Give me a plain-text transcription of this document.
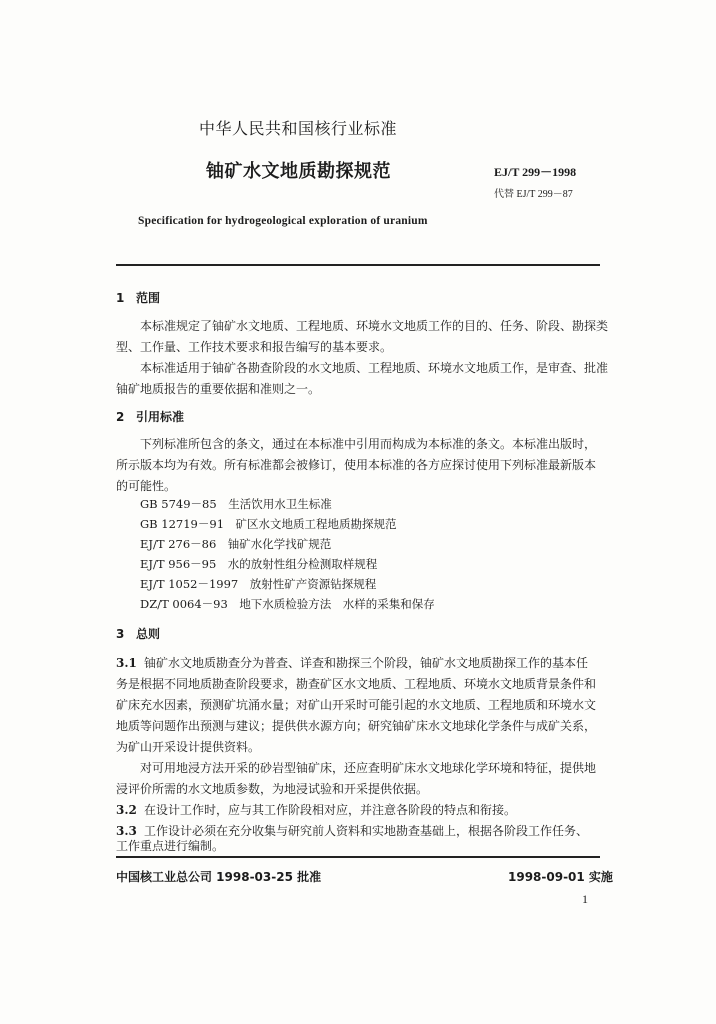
中华人民共和国核行业标准
铀矿水文地质勘探规范	EJ/T 299－1998
代替 EJ/T 299－87
Specification for hydrogeological exploration of uranium
1 范围
本标准规定了铀矿水文地质、工程地质、环境水文地质工作的目的、任务、阶段、勘探类
型、工作量、工作技术要求和报告编写的基本要求。
本标准适用于铀矿各勘查阶段的水文地质、工程地质、环境水文地质工作，是审查、批准
铀矿地质报告的重要依据和准则之一。
2 引用标准
下列标准所包含的条文，通过在本标准中引用而构成为本标准的条文。本标准出版时，
所示版本均为有效。所有标准都会被修订，使用本标准的各方应探讨使用下列标准最新版本
的可能性。
GB 5749－85　 生活饮用水卫生标准
GB 12719－91　 矿区水文地质工程地质勘探规范
EJ/T 276－86　 铀矿水化学找矿规范
EJ/T 956－95　 水的放射性组分检测取样规程
EJ/T 1052－1997　 放射性矿产资源钻探规程
DZ/T 0064－93　 地下水质检验方法　水样的采集和保存
3 总则
3.1 铀矿水文地质勘查分为普查、详查和勘探三个阶段，铀矿水文地质勘探工作的基本任
务是根据不同地质勘查阶段要求，勘查矿区水文地质、工程地质、环境水文地质背景条件和
矿床充水因素，预测矿坑涌水量；对矿山开采时可能引起的水文地质、工程地质和环境水文
地质等问题作出预测与建议；提供供水源方向；研究铀矿床水文地球化学条件与成矿关系，
为矿山开采设计提供资料。
对可用地浸方法开采的砂岩型铀矿床，还应查明矿床水文地球化学环境和特征，提供地
浸评价所需的水文地质参数，为地浸试验和开采提供依据。
3.2 在设计工作时，应与其工作阶段相对应，并注意各阶段的特点和衔接。
3.3 工作设计必须在充分收集与研究前人资料和实地勘查基础上，根据各阶段工作任务、
工作重点进行编制。
中国核工业总公司 1998-03-25 批准	1998-09-01 实施
1
